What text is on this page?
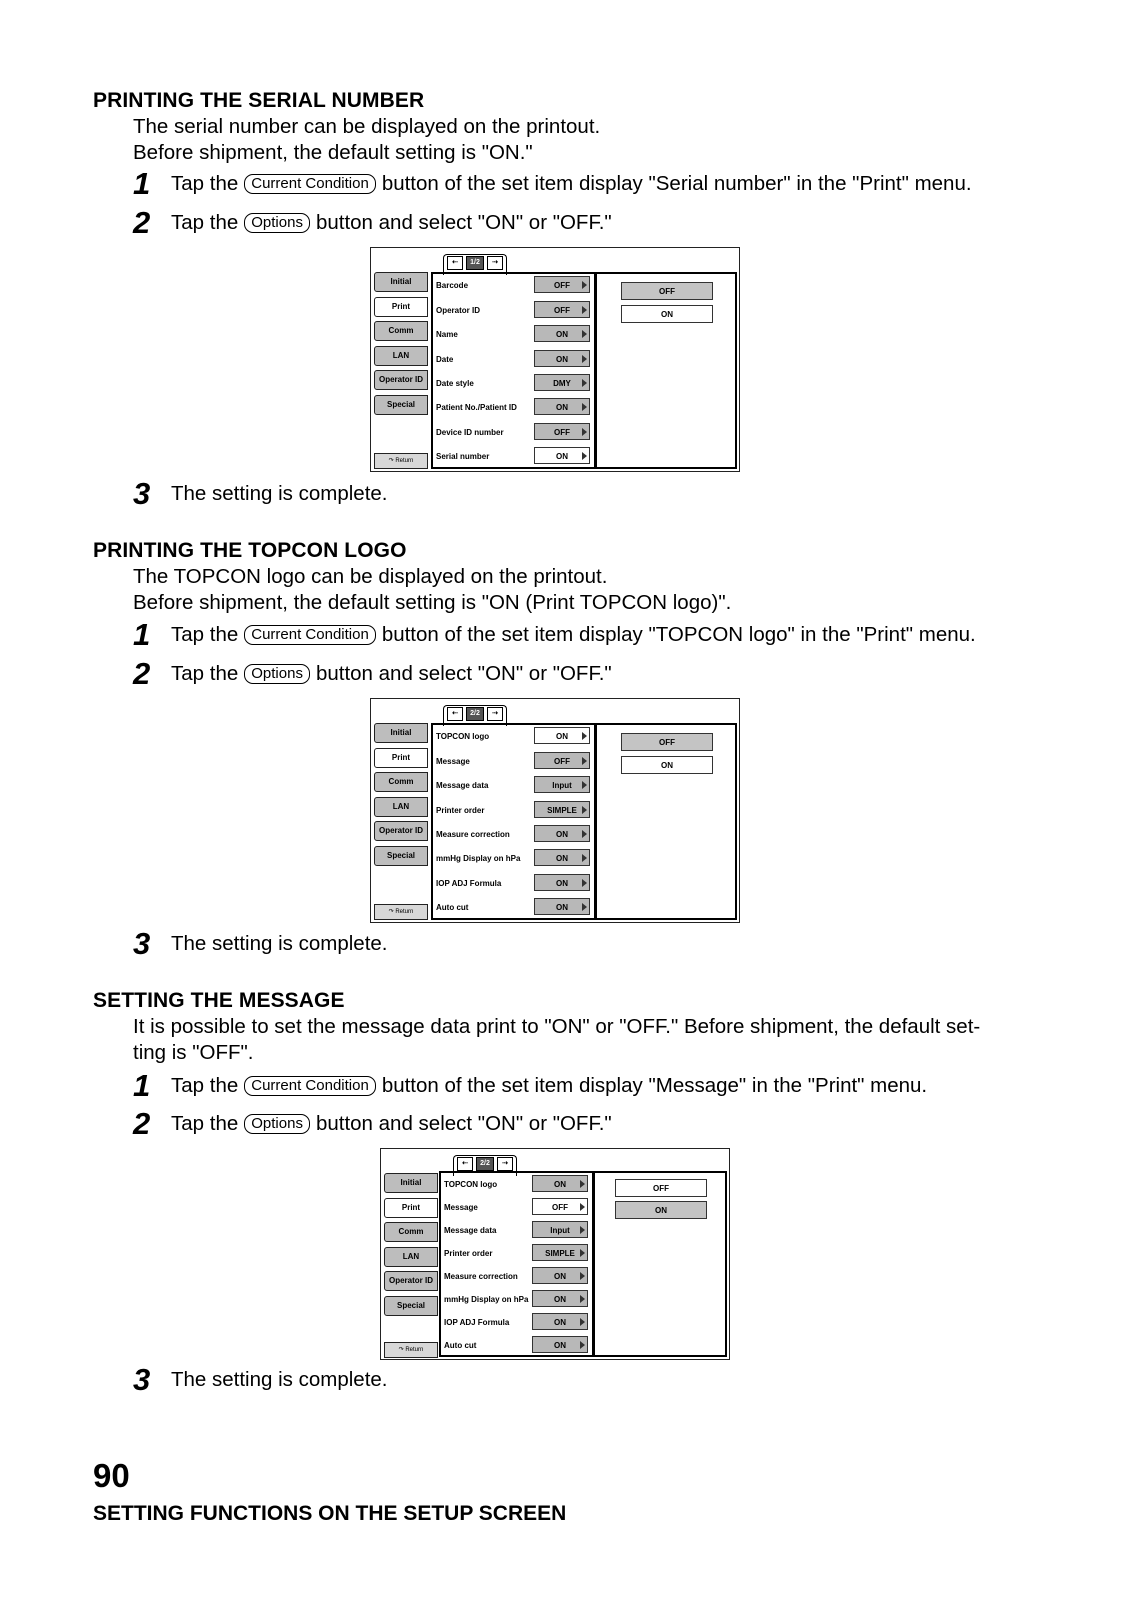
PRINTING THE SERIAL NUMBER
The serial number can be displayed on the printout.
Before shipment, the default setting is "ON."
1	Tap the Current Condition button of the set item display "Serial number" in the "Print" menu.
2	Tap the Options button and select "ON" or "OFF."
⇠	1/2	⇢
Initial
Print
Comm
LAN
Operator ID
Special
↷ Return
Barcode	OFF
Operator ID	OFF
Name	ON
Date	ON
Date style	DMY
Patient No./Patient ID	ON
Device ID number	OFF
Serial number	ON
OFF
ON
3	The setting is complete.
PRINTING THE TOPCON LOGO
The TOPCON logo can be displayed on the printout.
Before shipment, the default setting is "ON (Print TOPCON logo)".
1	Tap the Current Condition button of the set item display "TOPCON logo" in the "Print" menu.
2	Tap the Options button and select "ON" or "OFF."
⇠	2/2	⇢
Initial
Print
Comm
LAN
Operator ID
Special
↷ Return
TOPCON logo	ON
Message	OFF
Message data	Input
Printer order	SIMPLE
Measure correction	ON
mmHg Display on hPa	ON
IOP ADJ Formula	ON
Auto cut	ON
OFF
ON
3	The setting is complete.
SETTING THE MESSAGE
It is possible to set the message data print to "ON" or "OFF." Before shipment, the default set-
ting is "OFF".
1	Tap the Current Condition button of the set item display "Message" in the "Print" menu.
2	Tap the Options button and select "ON" or "OFF."
⇠	2/2	⇢
Initial
Print
Comm
LAN
Operator ID
Special
↷ Return
TOPCON logo	ON
Message	OFF
Message data	Input
Printer order	SIMPLE
Measure correction	ON
mmHg Display on hPa	ON
IOP ADJ Formula	ON
Auto cut	ON
OFF
ON
3	The setting is complete.
90
SETTING FUNCTIONS ON THE SETUP SCREEN
